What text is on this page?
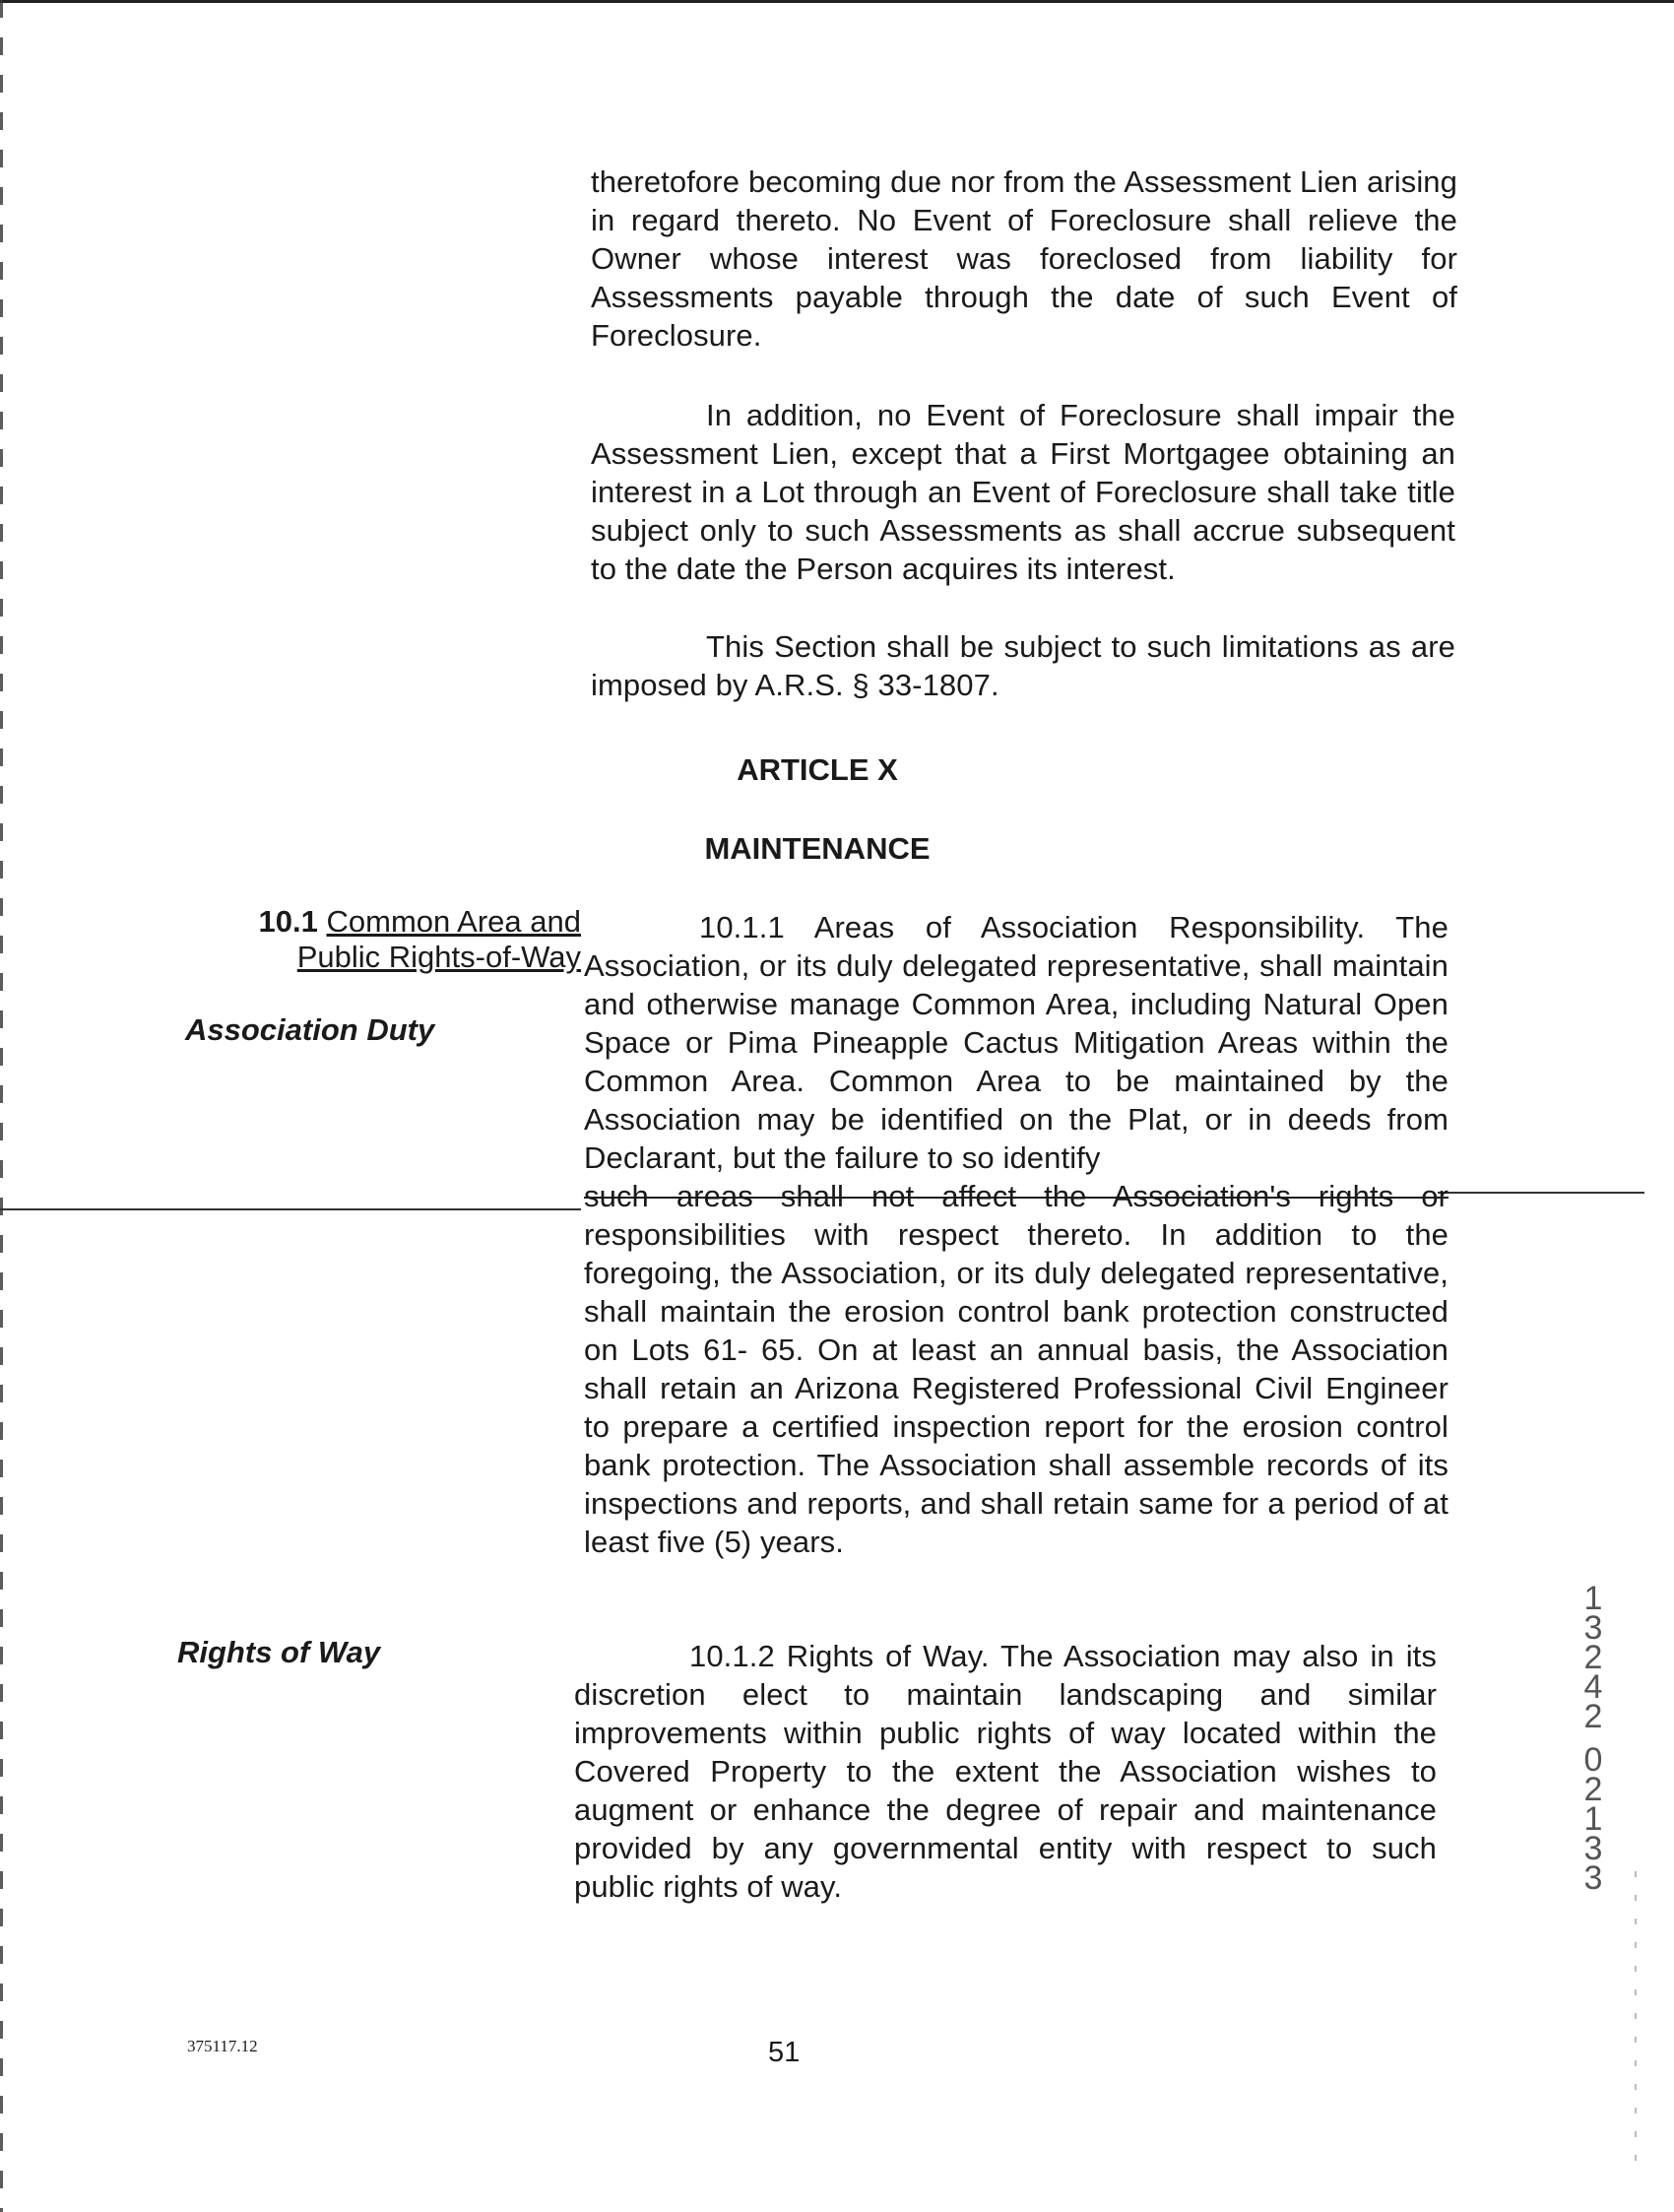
theretofore becoming due nor from the Assessment Lien arising in regard thereto. No Event of Foreclosure shall relieve the Owner whose interest was foreclosed from liability for Assessments payable through the date of such Event of Foreclosure.

In addition, no Event of Foreclosure shall impair the Assessment Lien, except that a First Mortgagee obtaining an interest in a Lot through an Event of Foreclosure shall take title subject only to such Assessments as shall accrue subsequent to the date the Person acquires its interest.

This Section shall be subject to such limitations as are imposed by A.R.S. § 33-1807.

ARTICLE X
MAINTENANCE
10.1 Common Area and
Public Rights-of-Way
Association Duty
10.1.1 Areas of Association Responsibility. The Association, or its duly delegated representative, shall maintain and otherwise manage Common Area, including Natural Open Space or Pima Pineapple Cactus Mitigation Areas within the Common Area. Common Area to be maintained by the Association may be identified on the Plat, or in deeds from Declarant, but the failure to so identify
such areas shall not affect the Association's rights or
responsibilities with respect thereto. In addition to the foregoing, the Association, or its duly delegated representative, shall maintain the erosion control bank protection constructed on Lots 61- 65. On at least an annual basis, the Association shall retain an Arizona Registered Professional Civil Engineer to prepare a certified inspection report for the erosion control bank protection. The Association shall assemble records of its inspections and reports, and shall retain same for a period of at least five (5) years.
Rights of Way	10.1.2 Rights of Way. The Association may also in its discretion elect to maintain landscaping and similar improvements within public rights of way located within the Covered Property to the extent the Association wishes to augment or enhance the degree of repair and maintenance provided by any governmental entity with respect to such public rights of way.

1
3
2
4
2
0
2
1
3
3
375117.12	51
